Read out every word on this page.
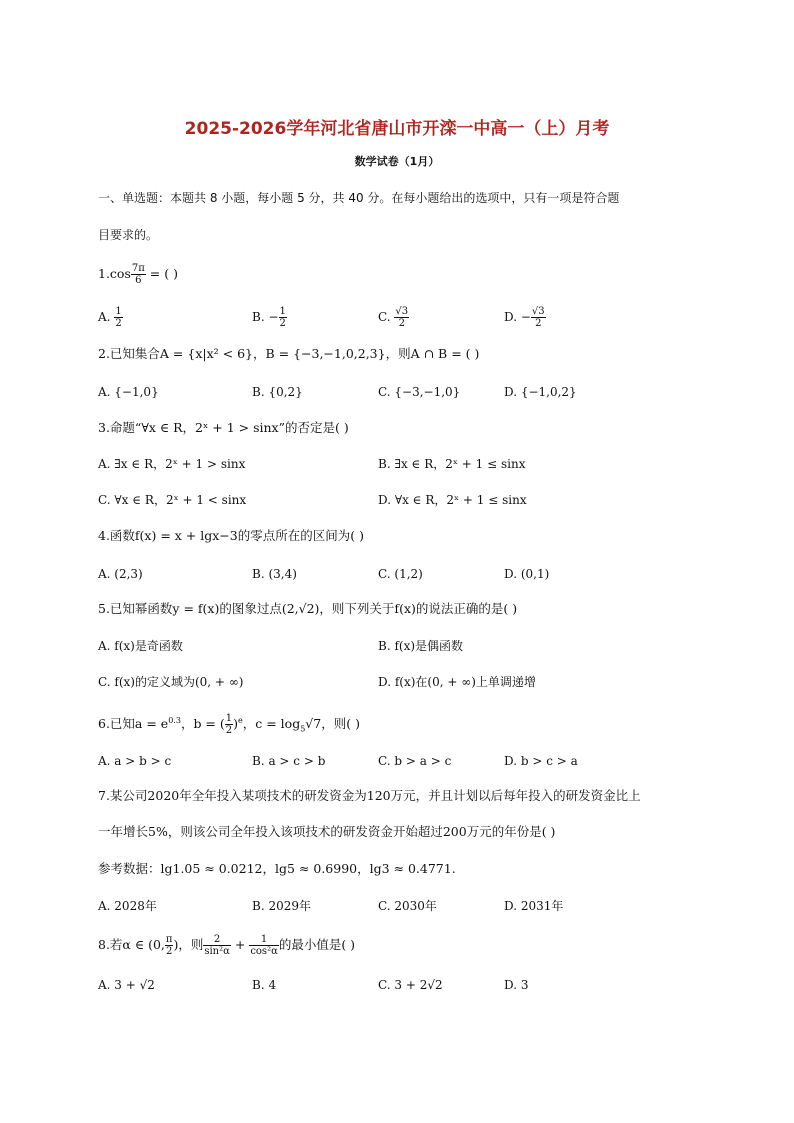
2025-2026学年河北省唐山市开滦一中高一（上）月考
数学试卷（1月）
一、单选题：本题共 8 小题，每小题 5 分，共 40 分。在每小题给出的选项中，只有一项是符合题
目要求的。
$1.\cos \frac{7\pi}{6}$ = ( )
A. $\frac{1}{2}$	B. − $\frac{1}{2}$	C. $\frac{√3}{2}$	D. − $\frac{√3}{2}$
2.已知集合A = {x|x² < 6}，B = {−3,−1,0,2,3}，则A ∩ B = ( )
A. {−1,0}	B. {0,2}	C. {−3,−1,0}	D. {−1,0,2}
3.命题“∀x ∈ R，2ˣ + 1 > sinx”的否定是( )
A. ∃x ∈ R，2ˣ + 1 > sinx	B. ∃x ∈ R，2ˣ + 1 ≤ sinx
C. ∀x ∈ R，2ˣ + 1 < sinx	D. ∀x ∈ R，2ˣ + 1 ≤ sinx
4.函数f(x) = x + lgx−3的零点所在的区间为( )
A. (2,3)	B. (3,4)	C. (1,2)	D. (0,1)
5.已知幂函数y = f(x)的图象过点(2,√2)，则下列关于f(x)的说法正确的是( )
A. f(x)是奇函数	B. f(x)是偶函数
C. f(x)的定义域为(0, + ∞)	D. f(x)在(0, + ∞)上单调递增
6.已知$a = e^{0.3}$，b = ( $\frac{1}{2} )^e$，$c = \log_5√7$，则( )
A. a > b > c	B. a > c > b	C. b > a > c	D. b > c > a
7.某公司2020年全年投入某项技术的研发资金为120万元，并且计划以后每年投入的研发资金比上
一年增长5%，则该公司全年投入该项技术的研发资金开始超过200万元的年份是( )
参考数据：lg1.05 ≈ 0.0212，lg5 ≈ 0.6990，lg3 ≈ 0.4771.
A. 2028年	B. 2029年	C. 2030年	D. 2031年
8.若α ∈ (0, $\frac{\pi}{2}$ )，则 $\frac{2}{\text{sin²α}} + \frac{1}{\text{cos²α}}$ 的最小值是( )
A. 3 + √2	B. 4	C. 3 + 2√2	D. 3
